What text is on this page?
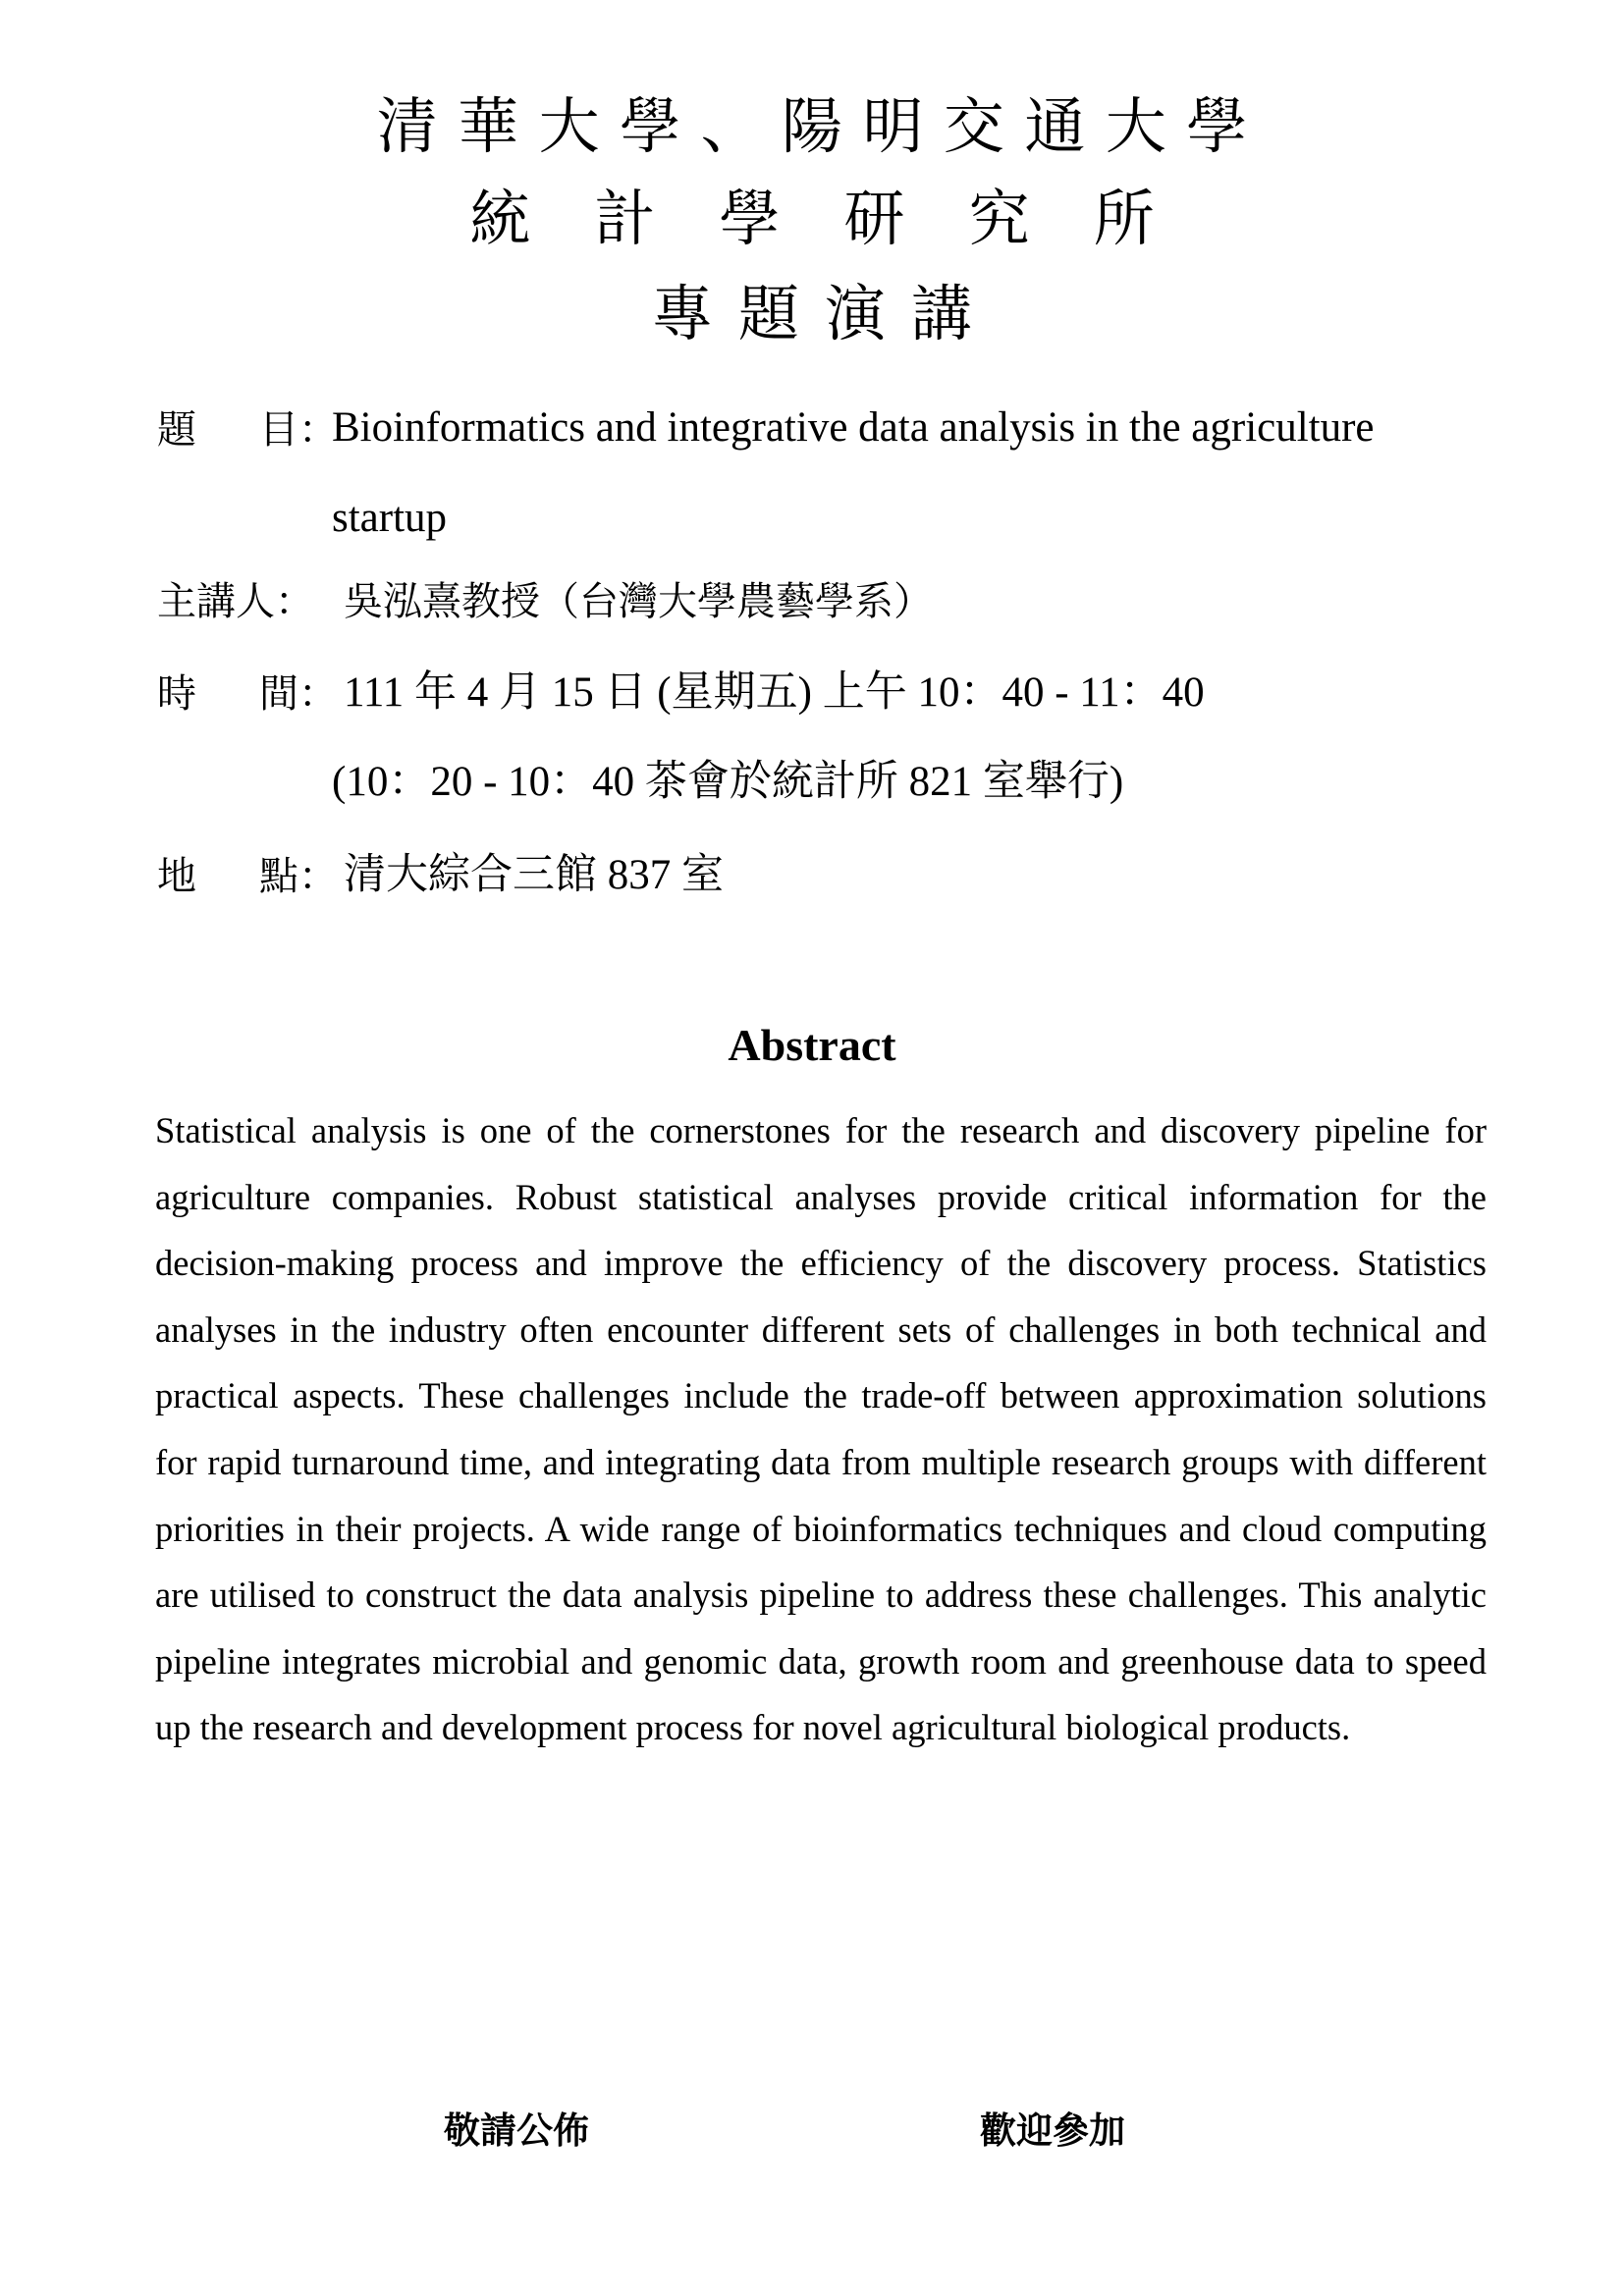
清華大學、陽明交通大學
統計學研究所
專題演講
題目：
Bioinformatics and integrative data analysis in the agriculture
startup
主講人： 吳泓熹教授（台灣大學農藝學系）
時間： 111 年 4 月 15 日 (星期五) 上午 10：40 - 11：40
(10：20 - 10：40 茶會於統計所 821 室舉行)
地點： 清大綜合三館 837 室
Abstract

Statistical analysis is one of the cornerstones for the research and discovery pipeline for agriculture companies. Robust statistical analyses provide critical information for the decision-making process and improve the efficiency of the discovery process. Statistics analyses in the industry often encounter different sets of challenges in both technical and practical aspects. These challenges include the trade-off between approximation solutions for rapid turnaround time, and integrating data from multiple research groups with different priorities in their projects. A wide range of bioinformatics techniques and cloud computing are utilised to construct the data analysis pipeline to address these challenges. This analytic pipeline integrates microbial and genomic data, growth room and greenhouse data to speed up the research and development process for novel agricultural biological products.

敬請公佈	歡迎參加
